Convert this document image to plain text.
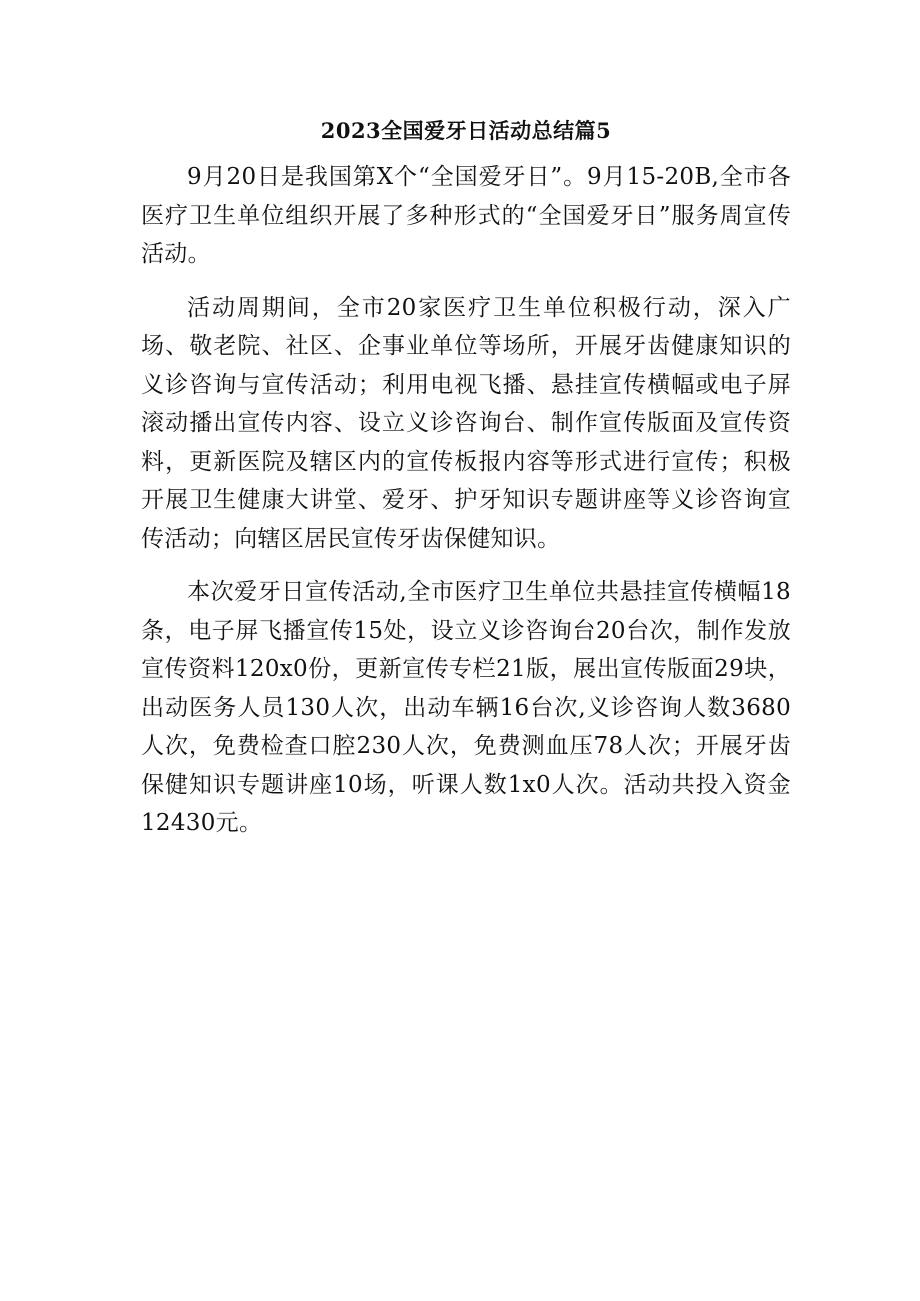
2023全国爱牙日活动总结篇5

9月20日是我国第X个“全国爱牙日”。9月15-20B,全市各医疗卫生单位组织开展了多种形式的“全国爱牙日”服务周宣传活动。

活动周期间，全市20家医疗卫生单位积极行动，深入广场、敬老院、社区、企事业单位等场所，开展牙齿健康知识的义诊咨询与宣传活动；利用电视飞播、悬挂宣传横幅或电子屏滚动播出宣传内容、设立义诊咨询台、制作宣传版面及宣传资料，更新医院及辖区内的宣传板报内容等形式进行宣传；积极开展卫生健康大讲堂、爱牙、护牙知识专题讲座等义诊咨询宣传活动；向辖区居民宣传牙齿保健知识。

本次爱牙日宣传活动,全市医疗卫生单位共悬挂宣传横幅18条，电子屏飞播宣传15处，设立义诊咨询台20台次，制作发放宣传资料120x0份，更新宣传专栏21版，展出宣传版面29块，出动医务人员130人次，出动车辆16台次,义诊咨询人数3680人次，免费检查口腔230人次，免费测血压78人次；开展牙齿保健知识专题讲座10场，听课人数1x0人次。活动共投入资金12430元。
